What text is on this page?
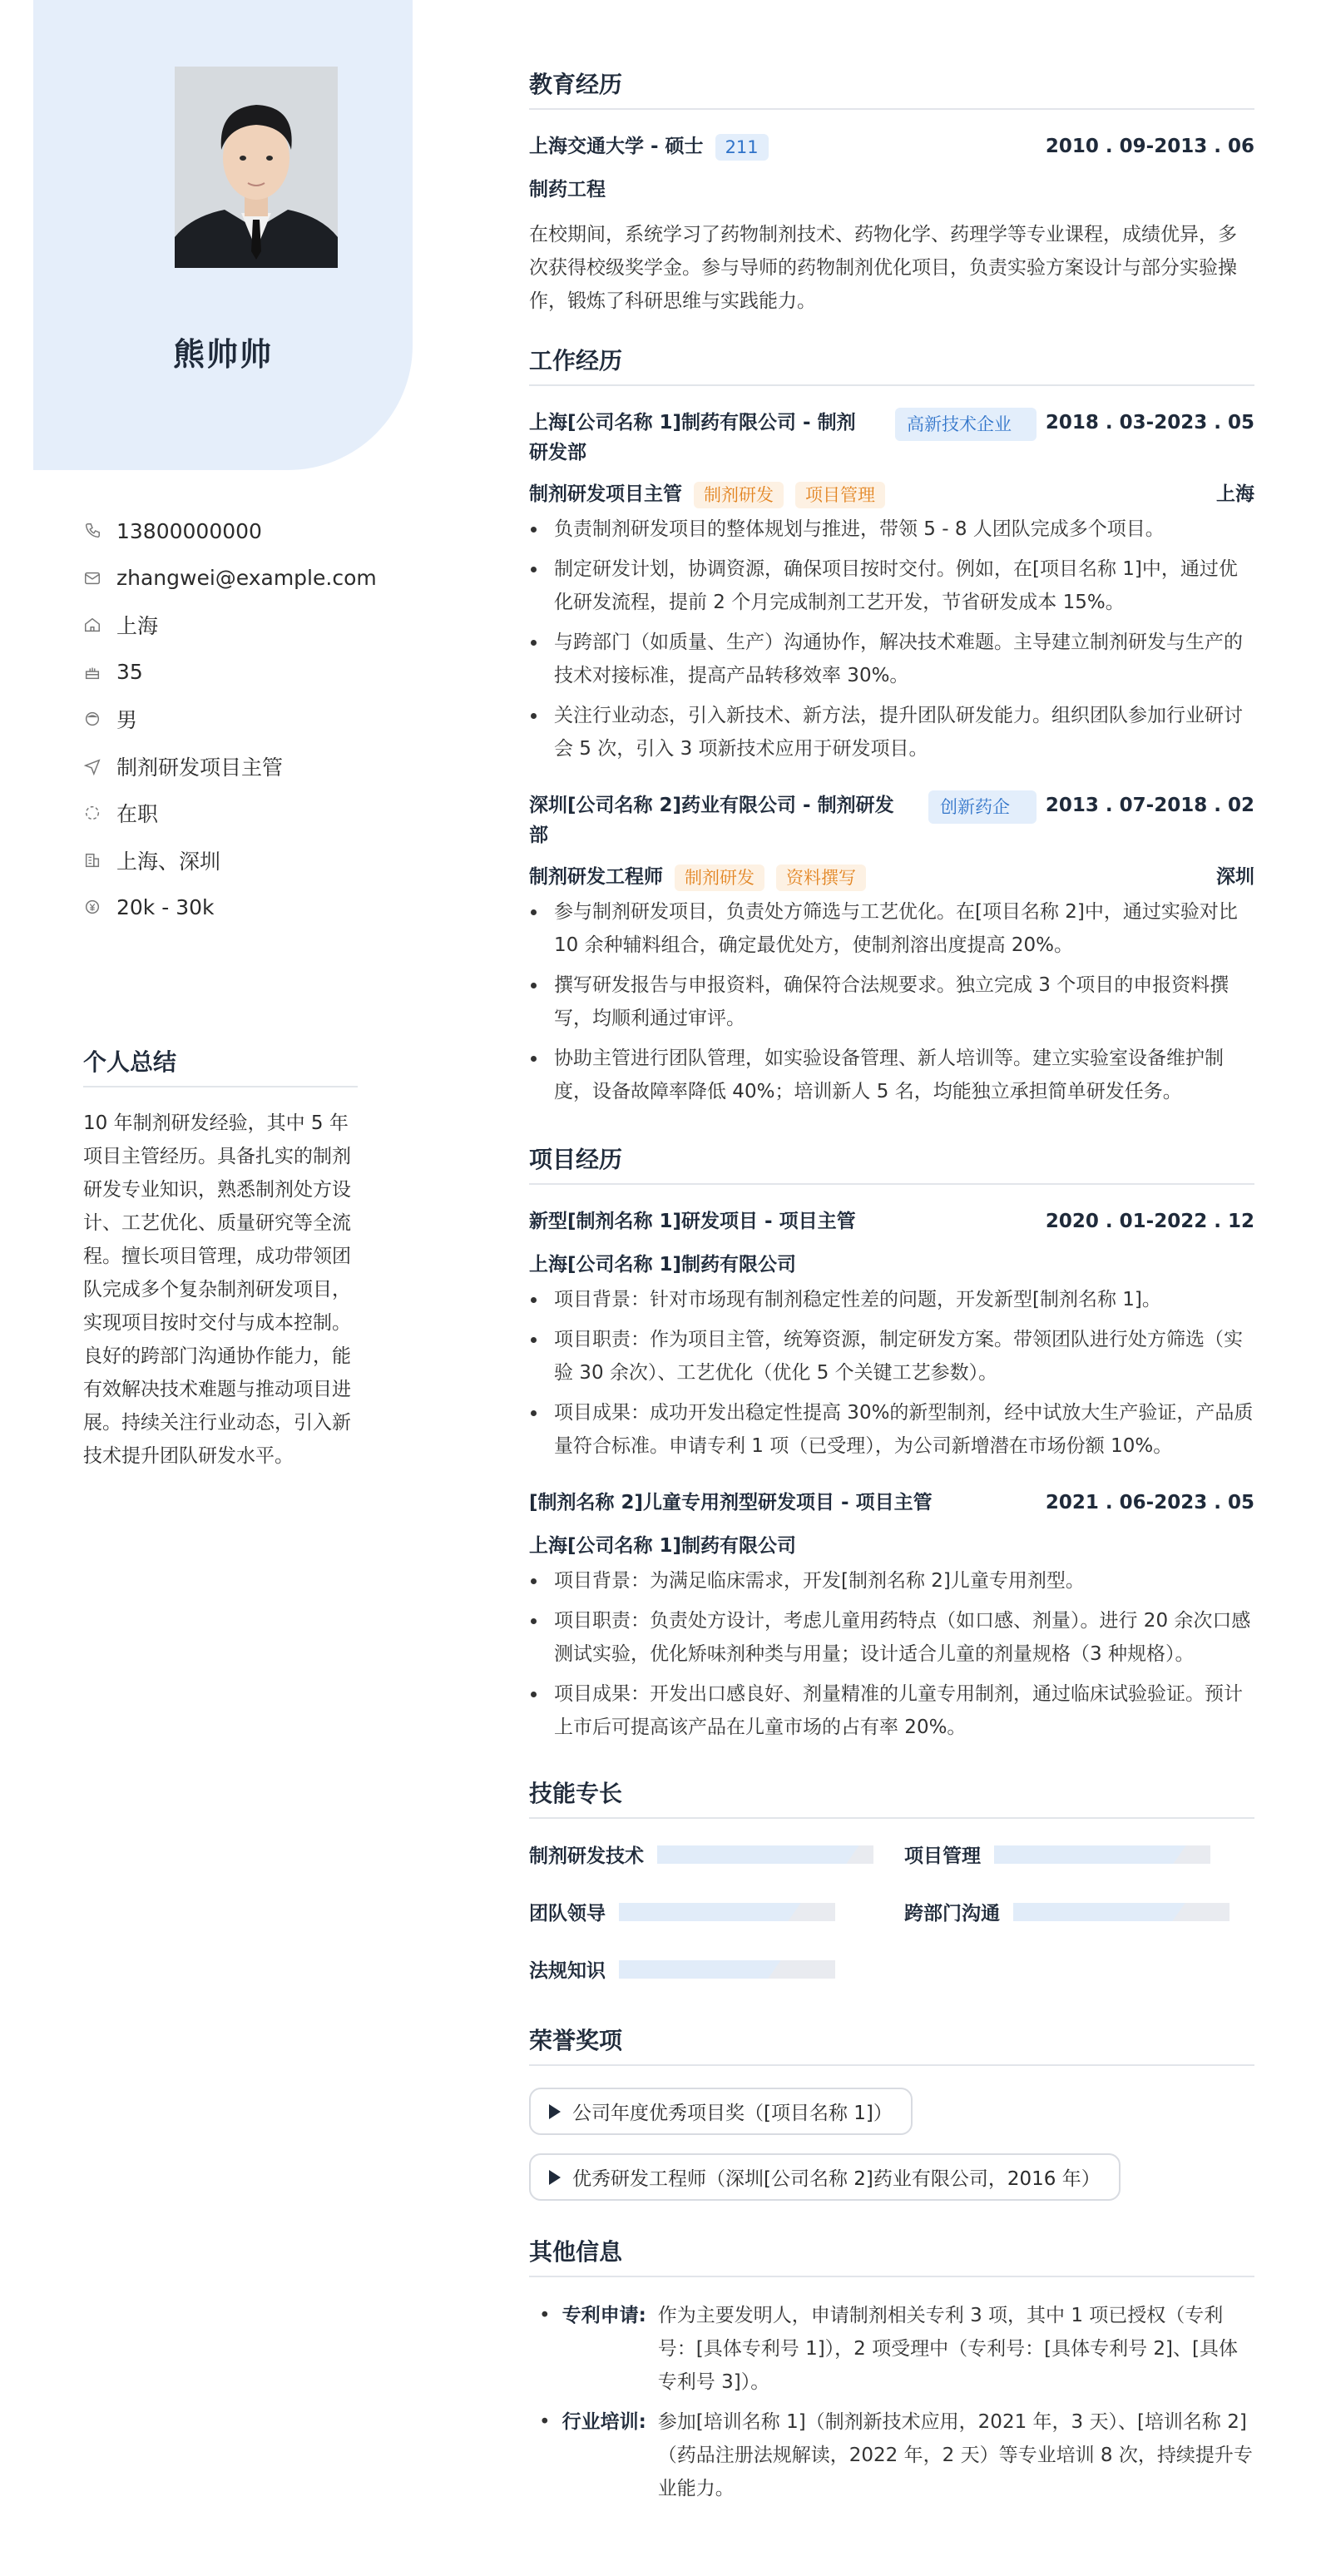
熊帅帅
13800000000
zhangwei@example.com
上海
35
男
制剂研发项目主管
在职
上海、深圳
20k - 30k
个人总结
10 年制剂研发经验，其中 5 年项目主管经历。具备扎实的制剂研发专业知识，熟悉制剂处方设计、工艺优化、质量研究等全流程。擅长项目管理，成功带领团队完成多个复杂制剂研发项目，实现项目按时交付与成本控制。良好的跨部门沟通协作能力，能有效解决技术难题与推动项目进展。持续关注行业动态，引入新技术提升团队研发水平。
教育经历
上海交通大学 - 硕士 211	2010 . 09-2013 . 06
制药工程
在校期间，系统学习了药物制剂技术、药物化学、药理学等专业课程，成绩优异，多次获得校级奖学金。参与导师的药物制剂优化项目，负责实验方案设计与部分实验操作，锻炼了科研思维与实践能力。
工作经历
上海[公司名称 1]制药有限公司 - 制剂研发部
高新技术企业	2018 . 03-2023 . 05
制剂研发项目主管 制剂研发 项目管理	上海
• 负责制剂研发项目的整体规划与推进，带领 5 - 8 人团队完成多个项目。
• 制定研发计划，协调资源，确保项目按时交付。例如，在[项目名称 1]中，通过优化研发流程，提前 2 个月完成制剂工艺开发，节省研发成本 15%。
• 与跨部门（如质量、生产）沟通协作，解决技术难题。主导建立制剂研发与生产的技术对接标准，提高产品转移效率 30%。
• 关注行业动态，引入新技术、新方法，提升团队研发能力。组织团队参加行业研讨会 5 次，引入 3 项新技术应用于研发项目。
深圳[公司名称 2]药业有限公司 - 制剂研发部
创新药企	2013 . 07-2018 . 02
制剂研发工程师 制剂研发 资料撰写	深圳
• 参与制剂研发项目，负责处方筛选与工艺优化。在[项目名称 2]中，通过实验对比 10 余种辅料组合，确定最优处方，使制剂溶出度提高 20%。
• 撰写研发报告与申报资料，确保符合法规要求。独立完成 3 个项目的申报资料撰写，均顺利通过审评。
• 协助主管进行团队管理，如实验设备管理、新人培训等。建立实验室设备维护制度，设备故障率降低 40%；培训新人 5 名，均能独立承担简单研发任务。
项目经历
新型[制剂名称 1]研发项目 - 项目主管	2020 . 01-2022 . 12
上海[公司名称 1]制药有限公司
• 项目背景：针对市场现有制剂稳定性差的问题，开发新型[制剂名称 1]。
• 项目职责：作为项目主管，统筹资源，制定研发方案。带领团队进行处方筛选（实验 30 余次）、工艺优化（优化 5 个关键工艺参数）。
• 项目成果：成功开发出稳定性提高 30%的新型制剂，经中试放大生产验证，产品质量符合标准。申请专利 1 项（已受理），为公司新增潜在市场份额 10%。
[制剂名称 2]儿童专用剂型研发项目 - 项目主管	2021 . 06-2023 . 05
上海[公司名称 1]制药有限公司
• 项目背景：为满足临床需求，开发[制剂名称 2]儿童专用剂型。
• 项目职责：负责处方设计，考虑儿童用药特点（如口感、剂量）。进行 20 余次口感测试实验，优化矫味剂种类与用量；设计适合儿童的剂量规格（3 种规格）。
• 项目成果：开发出口感良好、剂量精准的儿童专用制剂，通过临床试验验证。预计上市后可提高该产品在儿童市场的占有率 20%。
技能专长
制剂研发技术	项目管理
团队领导	跨部门沟通
法规知识
荣誉奖项
公司年度优秀项目奖（[项目名称 1]）
优秀研发工程师（深圳[公司名称 2]药业有限公司，2016 年）
其他信息
• 专利申请: 作为主要发明人，申请制剂相关专利 3 项，其中 1 项已授权（专利号：[具体专利号 1]），2 项受理中（专利号：[具体专利号 2]、[具体专利号 3]）。
• 行业培训: 参加[培训名称 1]（制剂新技术应用，2021 年，3 天）、[培训名称 2]（药品注册法规解读，2022 年，2 天）等专业培训 8 次，持续提升专业能力。
